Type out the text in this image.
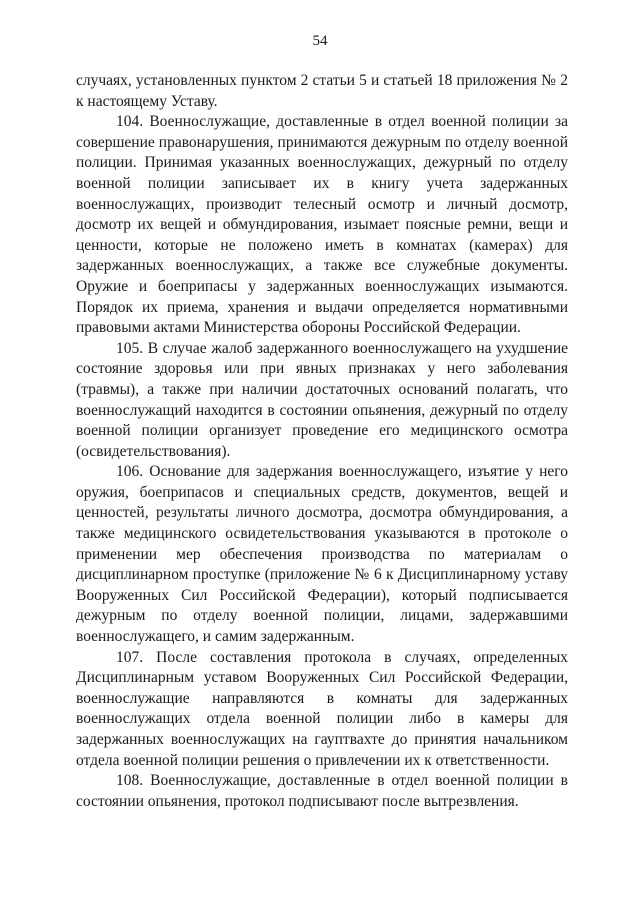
54

случаях, установленных пунктом 2 статьи 5 и статьей 18 приложения № 2 к настоящему Уставу.

104. Военнослужащие, доставленные в отдел военной полиции за совершение правонарушения, принимаются дежурным по отделу военной полиции. Принимая указанных военнослужащих, дежурный по отделу военной полиции записывает их в книгу учета задержанных военнослужащих, производит телесный осмотр и личный досмотр, досмотр их вещей и обмундирования, изымает поясные ремни, вещи и ценности, которые не положено иметь в комнатах (камерах) для задержанных военнослужащих, а также все служебные документы. Оружие и боеприпасы у задержанных военнослужащих изымаются. Порядок их приема, хранения и выдачи определяется нормативными правовыми актами Министерства обороны Российской Федерации.

105. В случае жалоб задержанного военнослужащего на ухудшение состояние здоровья или при явных признаках у него заболевания (травмы), а также при наличии достаточных оснований полагать, что военнослужащий находится в состоянии опьянения, дежурный по отделу военной полиции организует проведение его медицинского осмотра (освидетельствования).

106. Основание для задержания военнослужащего, изъятие у него оружия, боеприпасов и специальных средств, документов, вещей и ценностей, результаты личного досмотра, досмотра обмундирования, а также медицинского освидетельствования указываются в протоколе о применении мер обеспечения производства по материалам о дисциплинарном проступке (приложение № 6 к Дисциплинарному уставу Вооруженных Сил Российской Федерации), который подписывается дежурным по отделу военной полиции, лицами, задержавшими военнослужащего, и самим задержанным.

107. После составления протокола в случаях, определенных Дисциплинарным уставом Вооруженных Сил Российской Федерации, военнослужащие направляются в комнаты для задержанных военнослужащих отдела военной полиции либо в камеры для задержанных военнослужащих на гауптвахте до принятия начальником отдела военной полиции решения о привлечении их к ответственности.

108. Военнослужащие, доставленные в отдел военной полиции в состоянии опьянения, протокол подписывают после вытрезвления.
